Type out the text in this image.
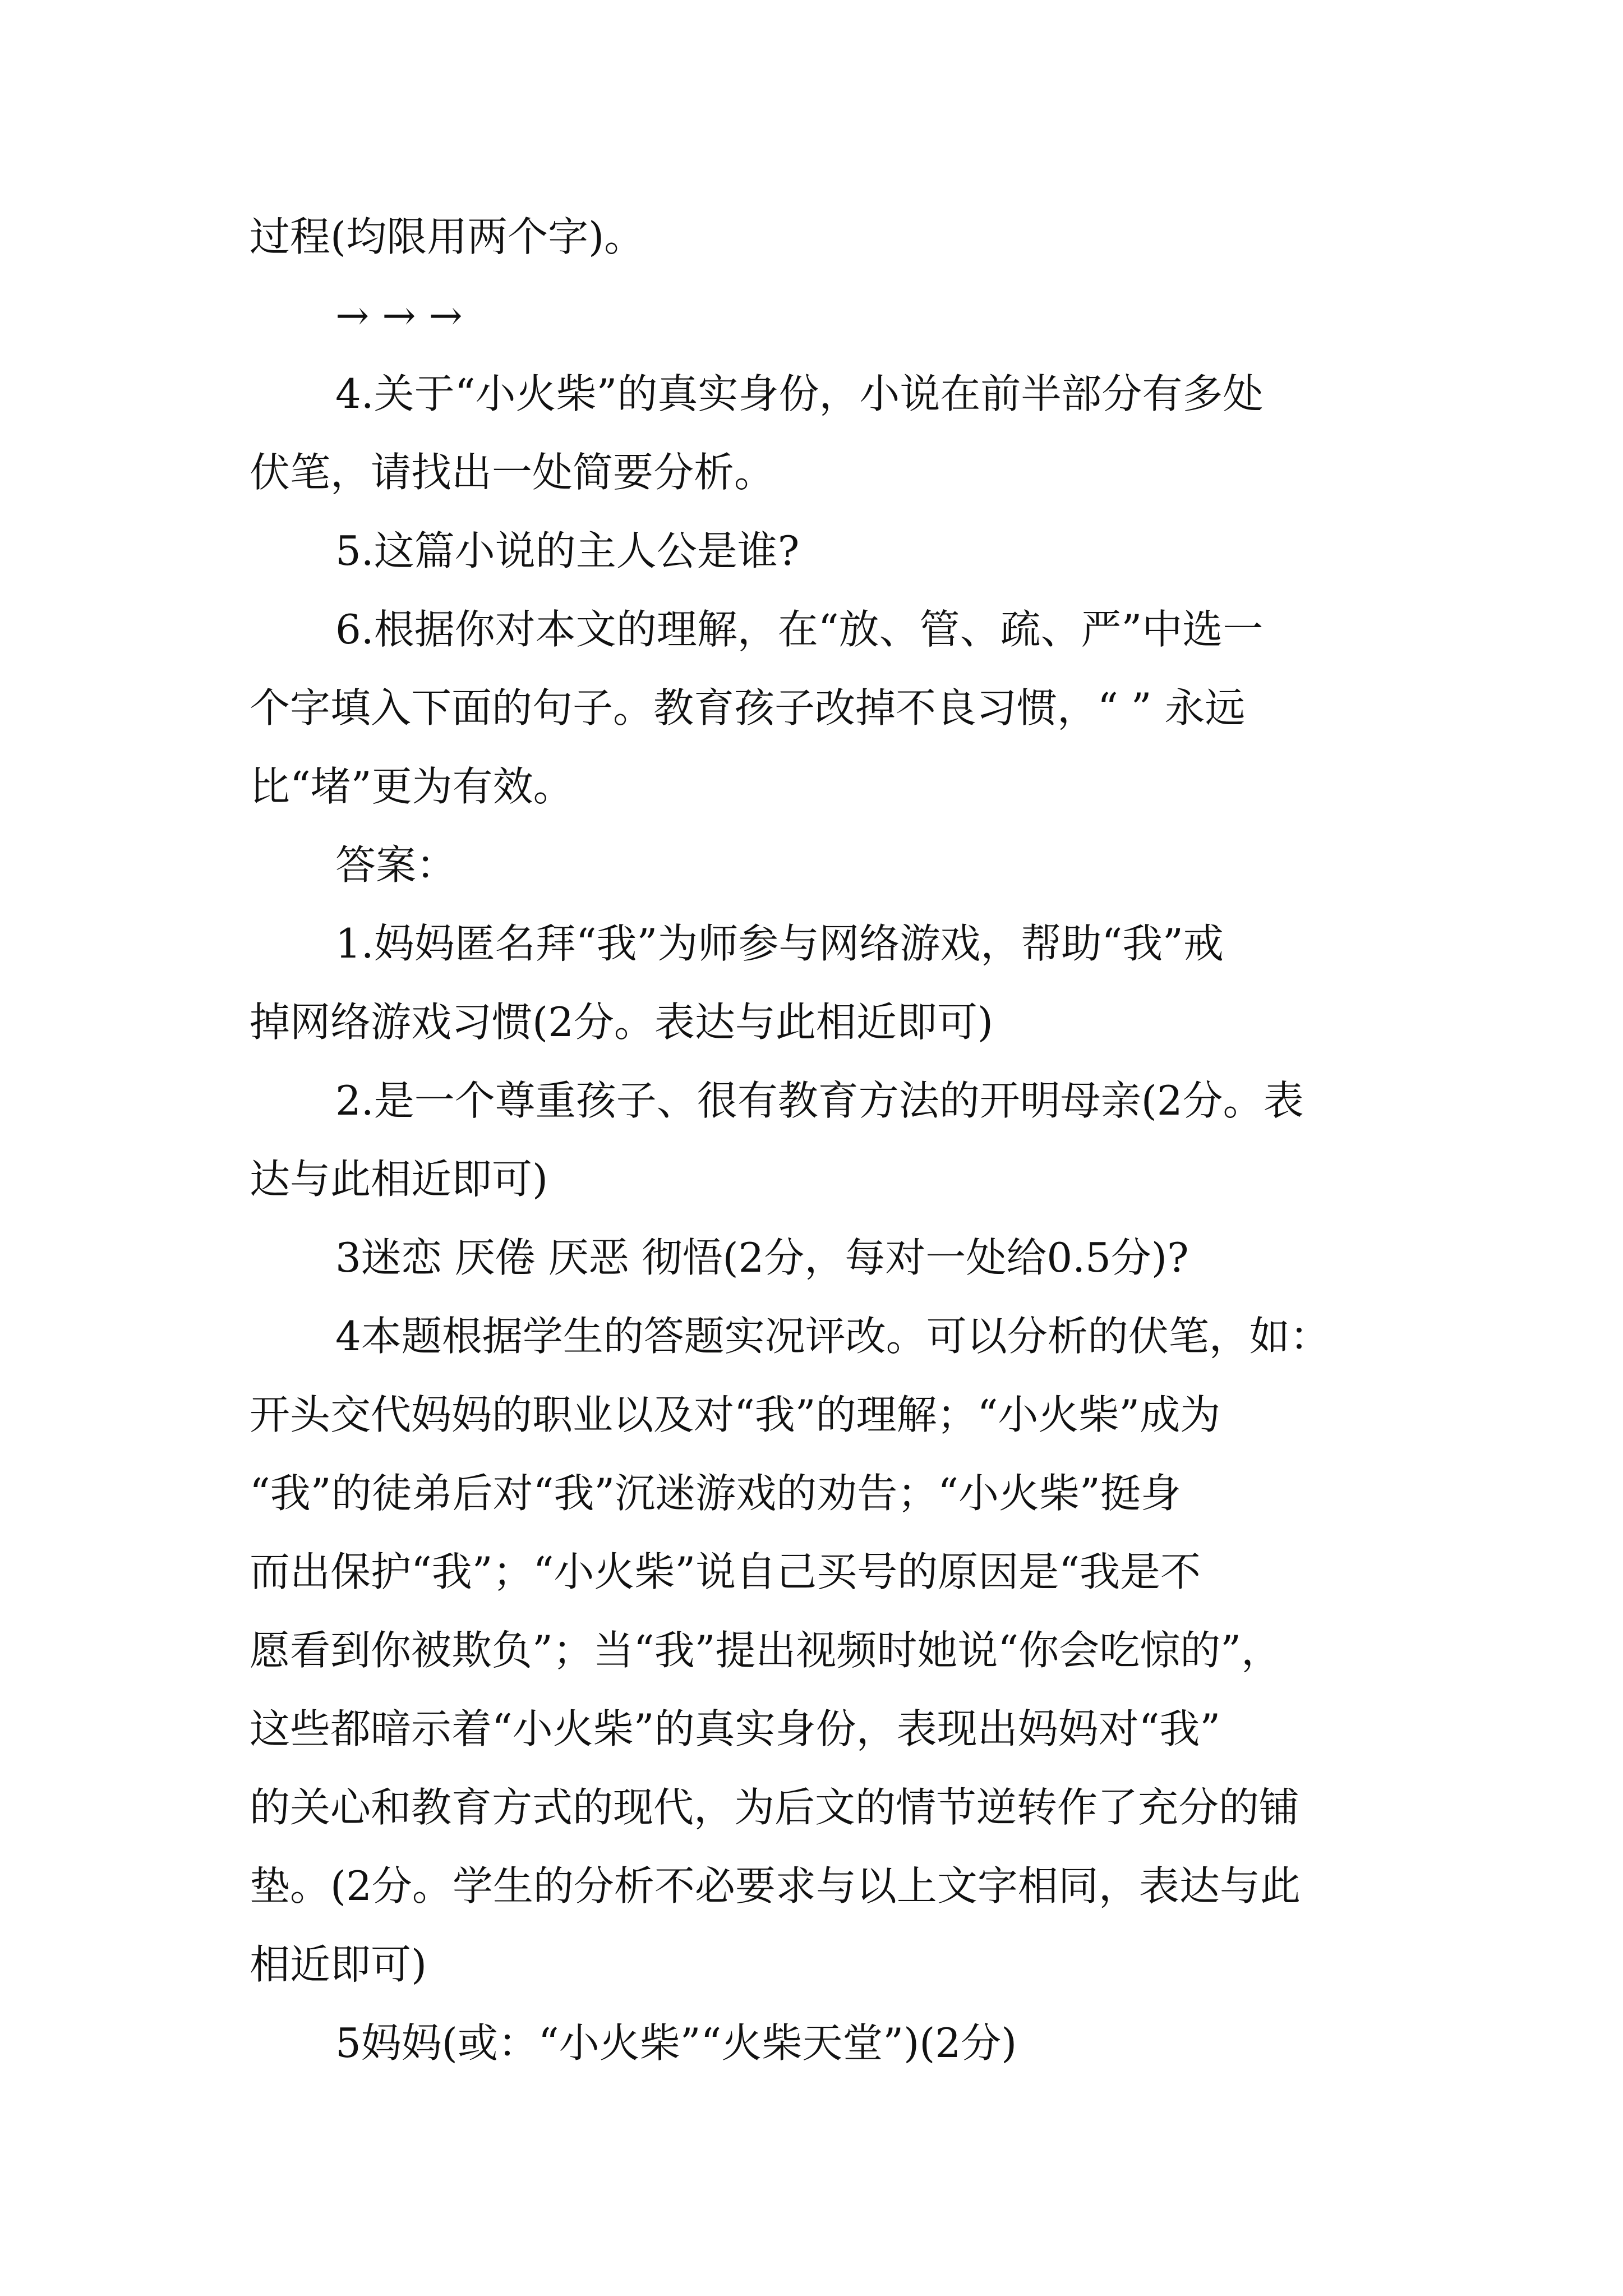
过程(均限用两个字)。
→ → →
4.关于“小火柴”的真实身份，小说在前半部分有多处
伏笔，请找出一处简要分析。
5.这篇小说的主人公是谁?
6.根据你对本文的理解，在“放、管、疏、严”中选一
个字填入下面的句子。教育孩子改掉不良习惯，“ ” 永远
比“堵”更为有效。
答案：
1.妈妈匿名拜“我”为师参与网络游戏，帮助“我”戒
掉网络游戏习惯(2分。表达与此相近即可)
2.是一个尊重孩子、很有教育方法的开明母亲(2分。表
达与此相近即可)
3迷恋 厌倦 厌恶 彻悟(2分，每对一处给0.5分)?
4本题根据学生的答题实况评改。可以分析的伏笔，如：
开头交代妈妈的职业以及对“我”的理解；“小火柴”成为
“我”的徒弟后对“我”沉迷游戏的劝告；“小火柴”挺身
而出保护“我”；“小火柴”说自己买号的原因是“我是不
愿看到你被欺负”；当“我”提出视频时她说“你会吃惊的”，
这些都暗示着“小火柴”的真实身份，表现出妈妈对“我”
的关心和教育方式的现代，为后文的情节逆转作了充分的铺
垫。(2分。学生的分析不必要求与以上文字相同，表达与此
相近即可)
5妈妈(或：“小火柴”“火柴天堂”)(2分)
